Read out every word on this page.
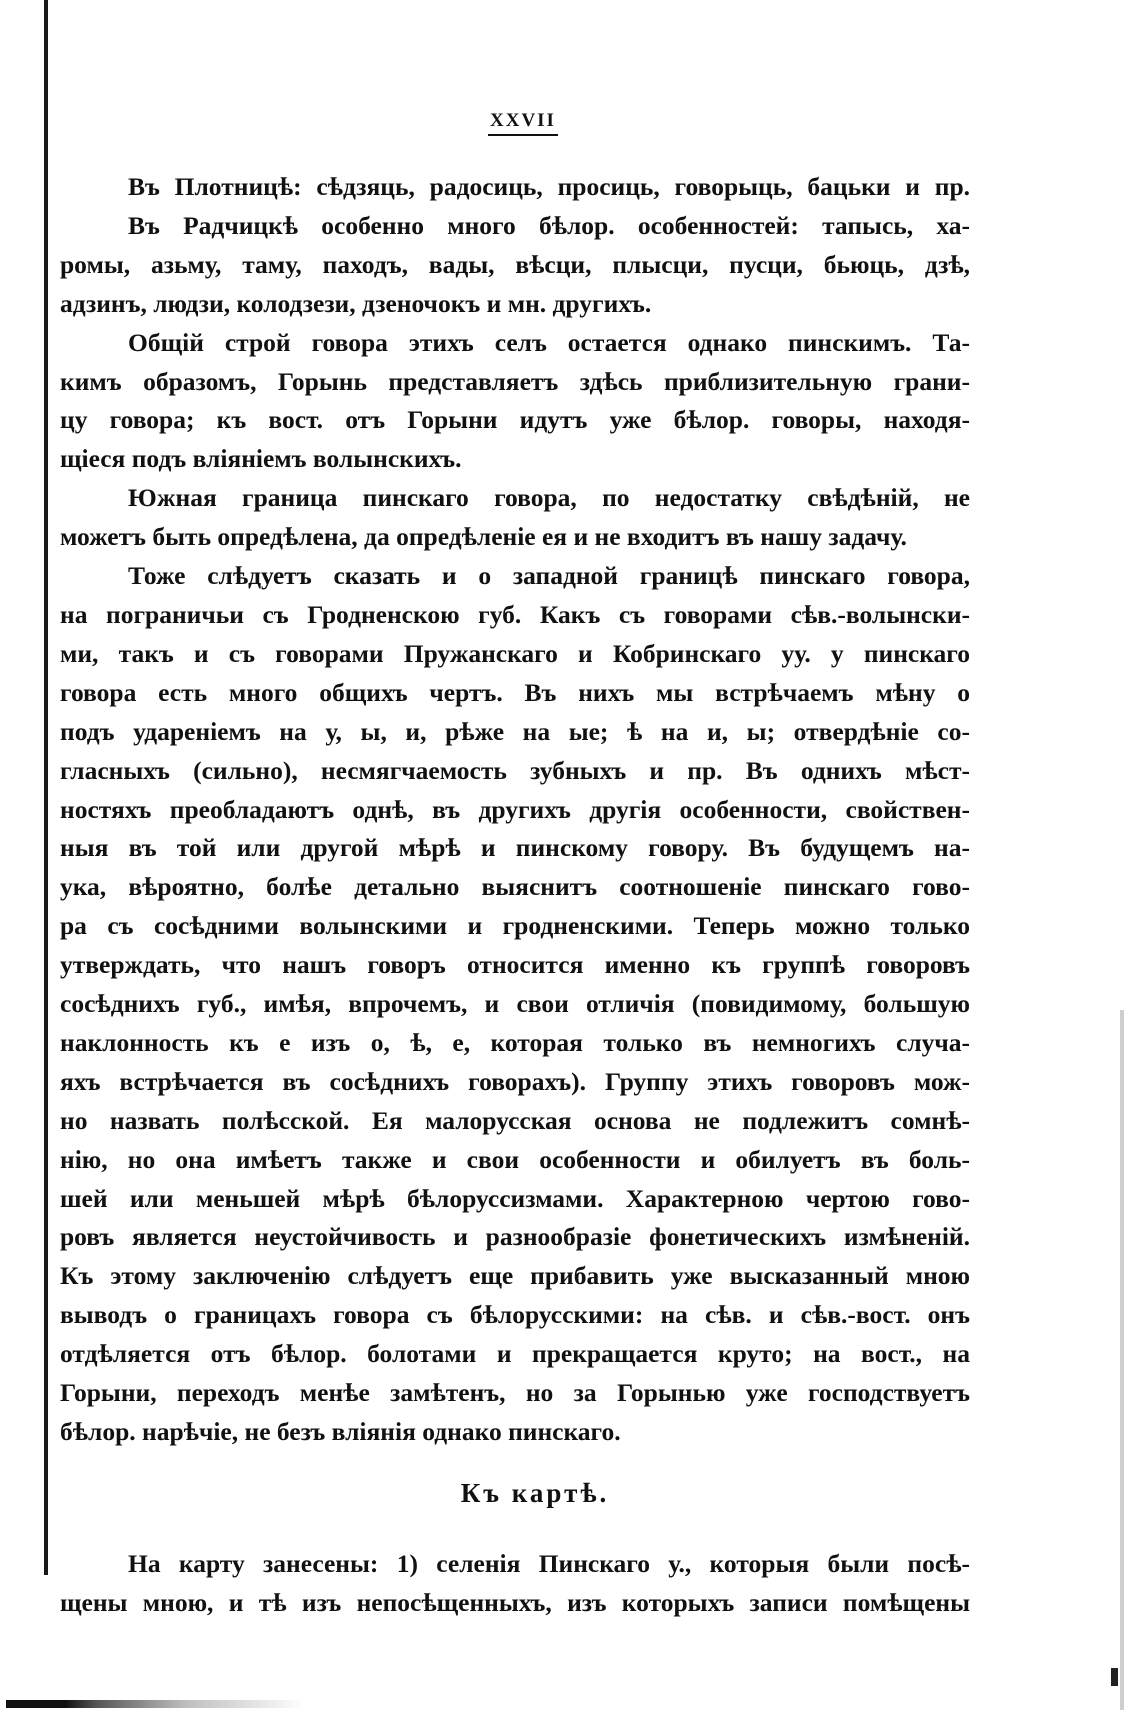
XXVII

Въ Плотницѣ: сѣдзяць, радосиць, просиць, говорыць, бацьки и пр.
Въ Радчицкѣ особенно много бѣлор. особенностей: тапысь, ха-
ромы, азьму, таму, паходъ, вады, вѣсци, плысци, пусци, бьюць, дзѣ,
адзинъ, людзи, колодзези, дзеночокъ и мн. другихъ.

Общій строй говора этихъ селъ остается однако пинскимъ. Та-
кимъ образомъ, Горынь представляетъ здѣсь приблизительную грани-
цу говора; къ вост. отъ Горыни идутъ уже бѣлор. говоры, находя-
щіеся подъ вліяніемъ волынскихъ.

Южная граница пинскаго говора, по недостатку свѣдѣній, не
можетъ быть опредѣлена, да опредѣленіе ея и не входитъ въ нашу задачу.

Тоже слѣдуетъ сказать и о западной границѣ пинскаго говора,
на пограничьи съ Гродненскою губ. Какъ съ говорами сѣв.-волынски-
ми, такъ и съ говорами Пружанскаго и Кобринскаго уу. у пинскаго
говора есть много общихъ чертъ. Въ нихъ мы встрѣчаемъ мѣну о
подъ удареніемъ на у, ы, и, рѣже на ые; ѣ на и, ы; отвердѣніе со-
гласныхъ (сильно), несмягчаемость зубныхъ и пр. Въ однихъ мѣст-
ностяхъ преобладаютъ однѣ, въ другихъ другія особенности, свойствен-
ныя въ той или другой мѣрѣ и пинскому говору. Въ будущемъ на-
ука, вѣроятно, болѣе детально выяснитъ соотношеніе пинскаго гово-
ра съ сосѣдними волынскими и гродненскими. Теперь можно только
утверждать, что нашъ говоръ относится именно къ группѣ говоровъ
сосѣднихъ губ., имѣя, впрочемъ, и свои отличія (повидимому, большую
наклонность къ е изъ о, ѣ, е, которая только въ немногихъ случа-
яхъ встрѣчается въ сосѣднихъ говорахъ). Группу этихъ говоровъ мож-
но назвать полѣсской. Ея малорусская основа не подлежитъ сомнѣ-
нію, но она имѣетъ также и свои особенности и обилуетъ въ боль-
шей или меньшей мѣрѣ бѣлоруссизмами. Характерною чертою гово-
ровъ является неустойчивость и разнообразіе фонетическихъ измѣненій.
Къ этому заключенію слѣдуетъ еще прибавить уже высказанный мною
выводъ о границахъ говора съ бѣлорусскими: на сѣв. и сѣв.-вост. онъ
отдѣляется отъ бѣлор. болотами и прекращается круто; на вост., на
Горыни, переходъ менѣе замѣтенъ, но за Горынью уже господствуетъ
бѣлор. нарѣчіе, не безъ вліянія однако пинскаго.

Къ картѣ.

На карту занесены: 1) селенія Пинскаго у., которыя были посѣ-
щены мною, и тѣ изъ непосѣщенныхъ, изъ которыхъ записи помѣщены
